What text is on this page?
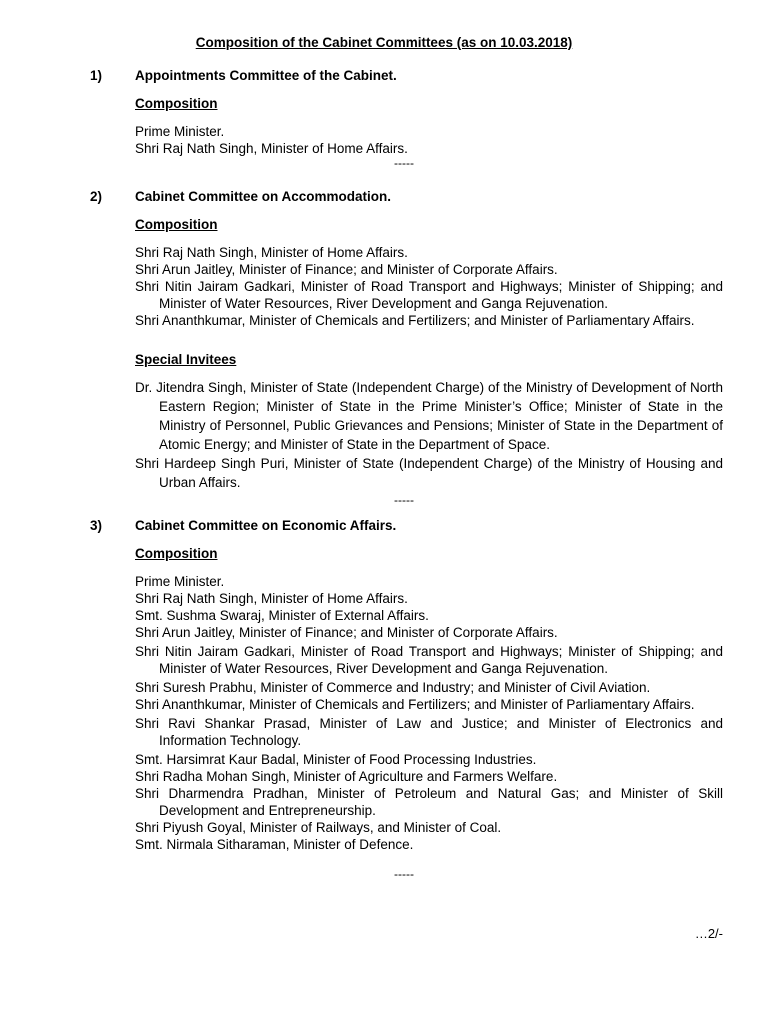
Composition of the Cabinet Committees (as on 10.03.2018)
1) Appointments Committee of the Cabinet.
Composition

Prime Minister.

Shri Raj Nath Singh, Minister of Home Affairs.

-----
2) Cabinet Committee on Accommodation.
Composition

Shri Raj Nath Singh, Minister of Home Affairs.

Shri Arun Jaitley, Minister of Finance; and Minister of Corporate Affairs.

Shri Nitin Jairam Gadkari, Minister of Road Transport and Highways; Minister of Shipping; and Minister of Water Resources, River Development and Ganga Rejuvenation.

Shri Ananthkumar, Minister of Chemicals and Fertilizers; and Minister of Parliamentary Affairs.

Special Invitees

Dr. Jitendra Singh, Minister of State (Independent Charge) of the Ministry of Development of North Eastern Region; Minister of State in the Prime Minister’s Office; Minister of State in the Ministry of Personnel, Public Grievances and Pensions; Minister of State in the Department of Atomic Energy; and Minister of State in the Department of Space.

Shri Hardeep Singh Puri, Minister of State (Independent Charge) of the Ministry of Housing and Urban Affairs.

-----
3) Cabinet Committee on Economic Affairs.
Composition

Prime Minister.

Shri Raj Nath Singh, Minister of Home Affairs.

Smt. Sushma Swaraj, Minister of External Affairs.

Shri Arun Jaitley, Minister of Finance; and Minister of Corporate Affairs.

Shri Nitin Jairam Gadkari, Minister of Road Transport and Highways; Minister of Shipping; and Minister of Water Resources, River Development and Ganga Rejuvenation.

Shri Suresh Prabhu, Minister of Commerce and Industry; and Minister of Civil Aviation.

Shri Ananthkumar, Minister of Chemicals and Fertilizers; and Minister of Parliamentary Affairs.

Shri Ravi Shankar Prasad, Minister of Law and Justice; and Minister of Electronics and Information Technology.

Smt. Harsimrat Kaur Badal, Minister of Food Processing Industries.

Shri Radha Mohan Singh, Minister of Agriculture and Farmers Welfare.

Shri Dharmendra Pradhan, Minister of Petroleum and Natural Gas; and Minister of Skill Development and Entrepreneurship.

Shri Piyush Goyal, Minister of Railways, and Minister of Coal.

Smt. Nirmala Sitharaman, Minister of Defence.

-----
…2/-
